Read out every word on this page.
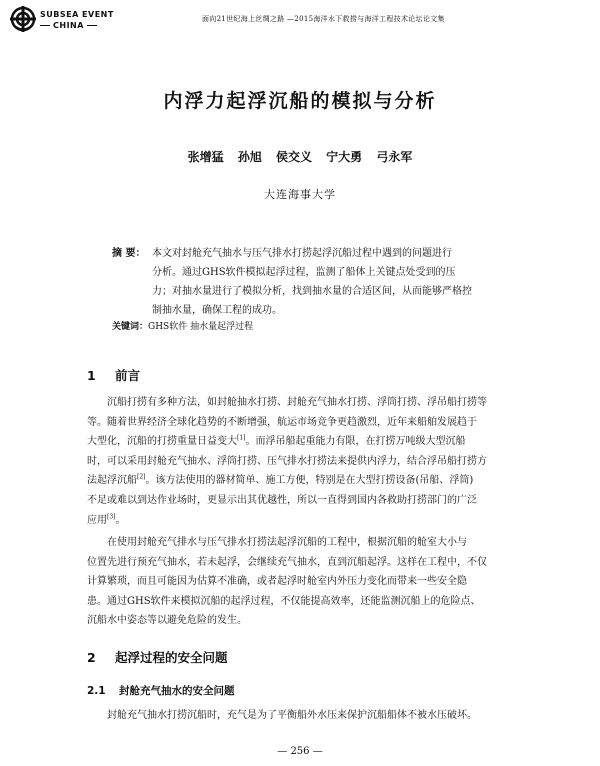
SUBSEA EVENT
CHINA
面向21世纪海上丝绸之路 —2015海洋水下救捞与海洋工程技术论坛论文集
内浮力起浮沉船的模拟与分析
张增猛 孙旭 侯交义 宁大勇 弓永军
大连海事大学
摘 要： 本文对封舱充气抽水与压气排水打捞起浮沉船过程中遇到的问题进行
分析。通过GHS软件模拟起浮过程，监测了船体上关键点处受到的压
力；对抽水量进行了模拟分析，找到抽水量的合适区间，从而能够严格控
制抽水量，确保工程的成功。
关键词：GHS软件 抽水量起浮过程
1 前言
沉船打捞有多种方法，如封舱抽水打捞、封舱充气抽水打捞、浮筒打捞、浮吊船打捞等
等。随着世界经济全球化趋势的不断增强，航运市场竞争更趋激烈，近年来船舶发展趋于
大型化，沉船的打捞重量日益变大[1]。而浮吊船起重能力有限，在打捞万吨级大型沉船
时，可以采用封舱充气抽水、浮筒打捞、压气排水打捞法来提供内浮力，结合浮吊船打捞方
法起浮沉船[2]。该方法使用的器材简单、施工方便，特别是在大型打捞设备(吊船、浮筒)
不足或难以到达作业场时，更显示出其优越性，所以一直得到国内各救助打捞部门的广泛
应用[3]。
在使用封舱充气排水与压气排水打捞法起浮沉船的工程中，根据沉船的舱室大小与
位置先进行预充气抽水，若未起浮，会继续充气抽水，直到沉船起浮。这样在工程中，不仅
计算繁琐，而且可能因为估算不准确，或者起浮时舱室内外压力变化而带来一些安全隐
患。通过GHS软件来模拟沉船的起浮过程，不仅能提高效率，还能监测沉船上的危险点、
沉船水中姿态等以避免危险的发生。
2 起浮过程的安全问题
2.1 封舱充气抽水的安全问题
封舱充气抽水打捞沉船时，充气是为了平衡船外水压来保护沉船船体不被水压破坏。
— 256 —
